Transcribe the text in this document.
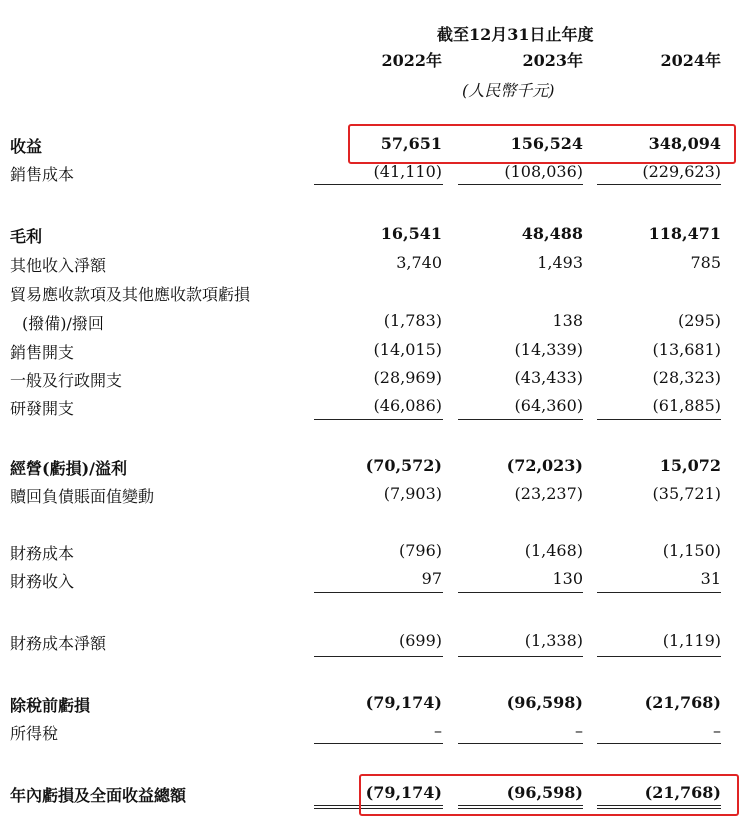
截至12月31日止年度
2022年	2023年	2024年
(人民幣千元)
收益	57,651	156,524	348,094
銷售成本	(41,110)	(108,036)	(229,623)
毛利	16,541	48,488	118,471
其他收入淨額	3,740	1,493	785
貿易應收款項及其他應收款項虧損
(撥備)/撥回	(1,783)	138	(295)
銷售開支	(14,015)	(14,339)	(13,681)
一般及行政開支	(28,969)	(43,433)	(28,323)
研發開支	(46,086)	(64,360)	(61,885)
經營(虧損)/溢利	(70,572)	(72,023)	15,072
贖回負債賬面值變動	(7,903)	(23,237)	(35,721)
財務成本	(796)	(1,468)	(1,150)
財務收入	97	130	31
財務成本淨額	(699)	(1,338)	(1,119)
除稅前虧損	(79,174)	(96,598)	(21,768)
所得稅	–	–	–
年內虧損及全面收益總額	(79,174)	(96,598)	(21,768)
